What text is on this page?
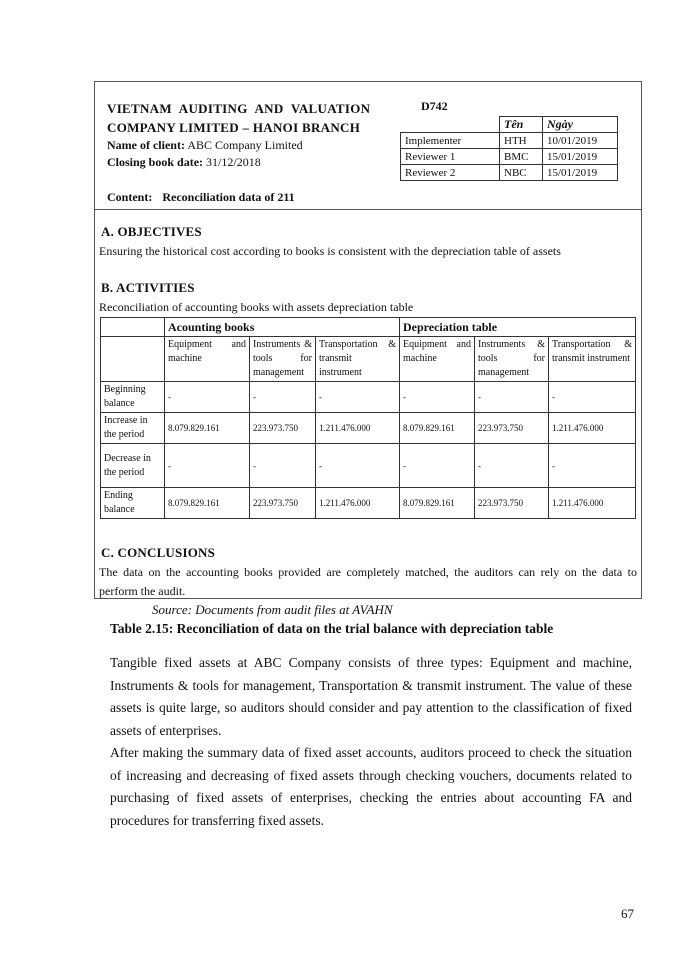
VIETNAM AUDITING AND VALUATION
COMPANY LIMITED – HANOI BRANCH
D742
Name of client: ABC Company Limited
Closing book date: 31/12/2018
Content: Reconciliation data of 211
	Tên	Ngày
Implementer	HTH	10/01/2019
Reviewer 1	BMC	15/01/2019
Reviewer 2	NBC	15/01/2019
A. OBJECTIVES
Ensuring the historical cost according to books is consistent with the depreciation table of assets
B. ACTIVITIES
Reconciliation of accounting books with assets depreciation table
	Acounting books			Depreciation table		
	Equipment and machine	Instruments & tools for management	Transportation & transmit instrument	Equipment and machine	Instruments & tools for management	Transportation & transmit instrument
Beginning balance	-	-	-	-	-	-
Increase in the period	8.079.829.161	223.973.750	1.211.476.000	8.079.829.161	223.973.750	1.211.476.000
Decrease in the period	-	-	-	-	-	-
Ending balance	8.079.829.161	223.973.750	1.211.476.000	8.079.829.161	223.973.750	1.211.476.000
C. CONCLUSIONS
The data on the accounting books provided are completely matched, the auditors can rely on the data to perform the audit.
Source: Documents from audit files at AVAHN
Table 2.15: Reconciliation of data on the trial balance with depreciation table

Tangible fixed assets at ABC Company consists of three types: Equipment and machine, Instruments & tools for management, Transportation & transmit instrument. The value of these assets is quite large, so auditors should consider and pay attention to the classification of fixed assets of enterprises.

After making the summary data of fixed asset accounts, auditors proceed to check the situation of increasing and decreasing of fixed assets through checking vouchers, documents related to purchasing of fixed assets of enterprises, checking the entries about accounting FA and procedures for transferring fixed assets.

67
